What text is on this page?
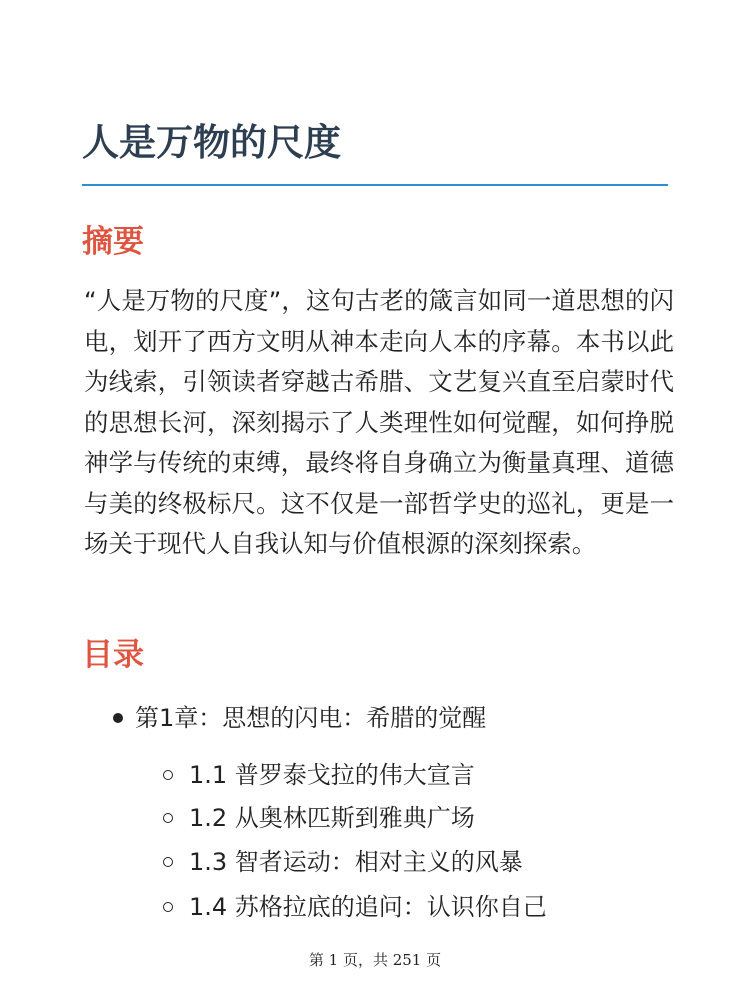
人是万物的尺度
摘要

“人是万物的尺度”，这句古老的箴言如同一道思想的闪电，划开了西方文明从神本走向人本的序幕。本书以此为线索，引领读者穿越古希腊、文艺复兴直至启蒙时代的思想长河，深刻揭示了人类理性如何觉醒，如何挣脱神学与传统的束缚，最终将自身确立为衡量真理、道德与美的终极标尺。这不仅是一部哲学史的巡礼，更是一场关于现代人自我认知与价值根源的深刻探索。

目录
第1章：思想的闪电：希腊的觉醒
1.1 普罗泰戈拉的伟大宣言
1.2 从奥林匹斯到雅典广场
1.3 智者运动：相对主义的风暴
1.4 苏格拉底的追问：认识你自己
第 1 页，共 251 页
